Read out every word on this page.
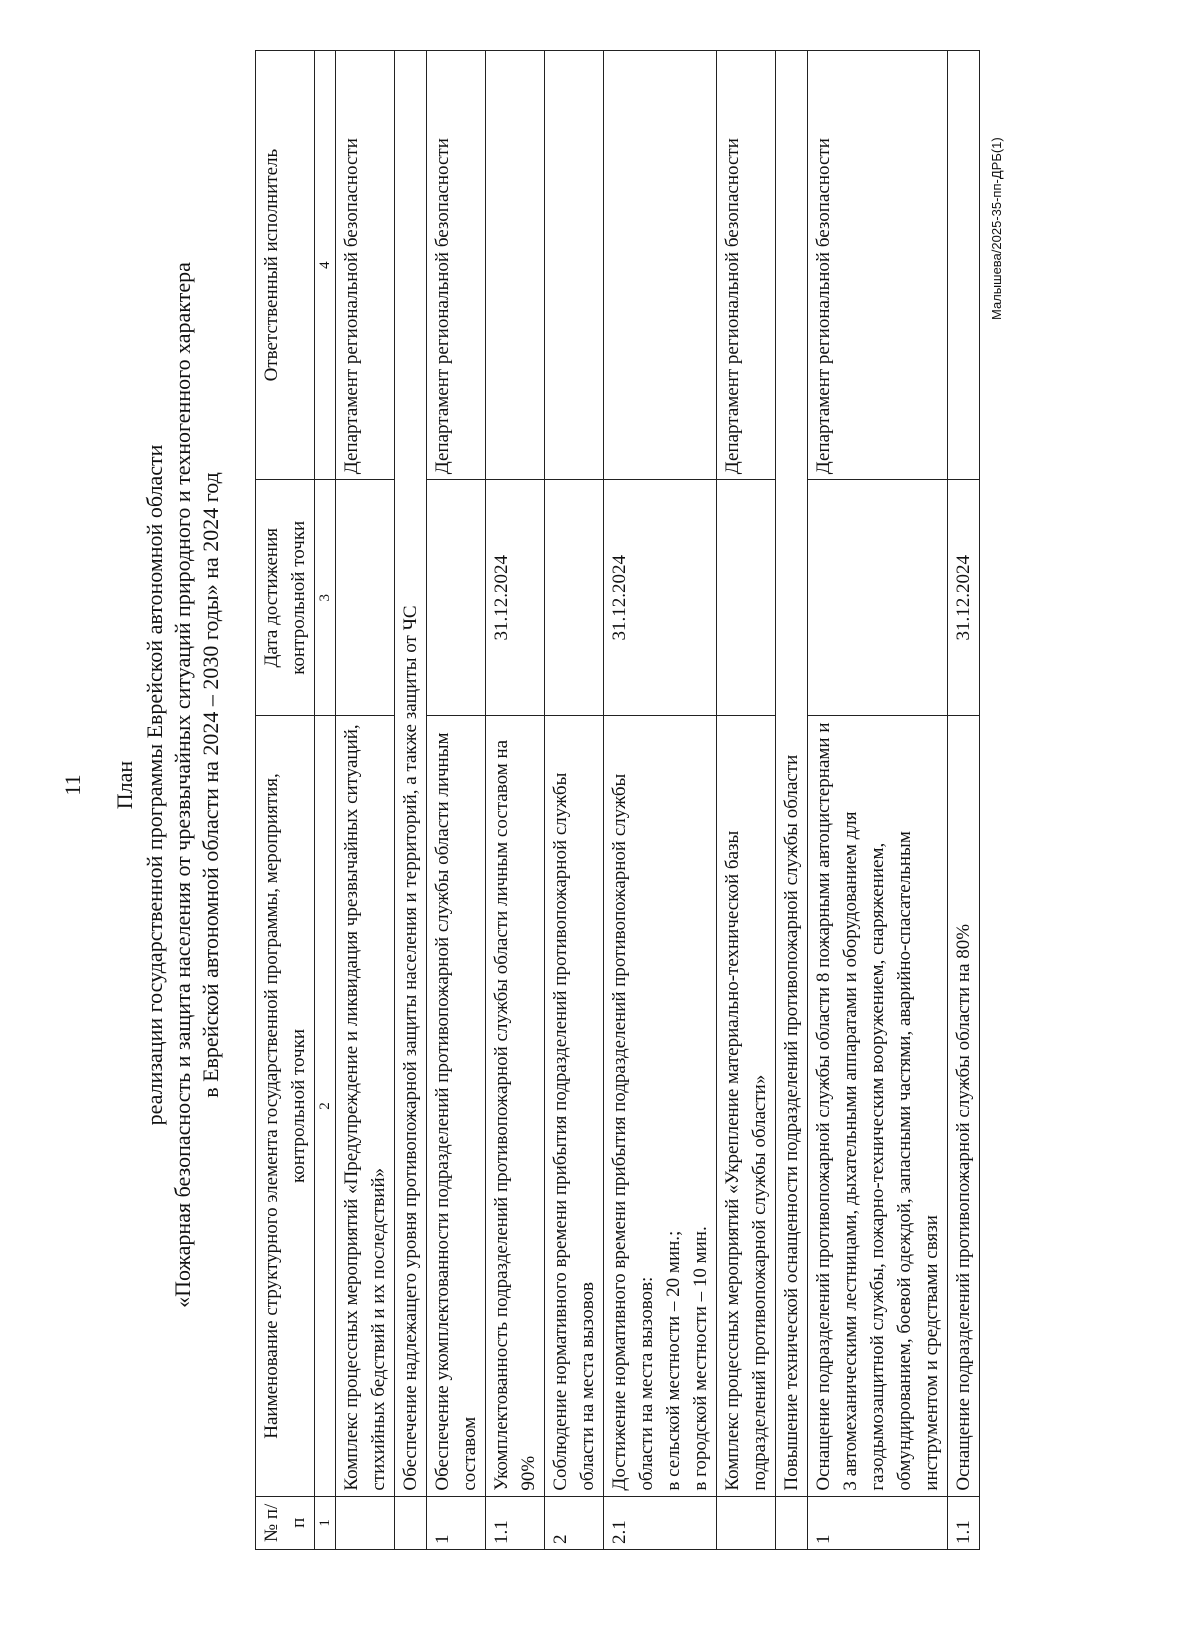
11 План реализации государственной программы Еврейской автономной области «Пожарная безопасность и защита населения от чрезвычайных ситуаций природного и техногенного характера в Еврейской автономной области на 2024 – 2030 годы» на 2024 год
№ п/п	Наименование структурного элемента государственной программы, мероприятия, контрольной точки	Дата достижения контрольной точки	Ответственный исполнитель
1	2	3	4
	Комплекс процессных мероприятий «Предупреждение и ликвидация чрезвычайных ситуаций, стихийных бедствий и их последствий»		Департамент региональной безопасности
	Обеспечение надлежащего уровня противопожарной защиты населения и территорий, а также защиты от ЧС		
1	Обеспечение укомплектованности подразделений противопожарной службы области личным составом		Департамент региональной безопасности
1.1	Укомплектованность подразделений противопожарной службы области личным составом на 90%	31.12.2024	
2	Соблюдение нормативного времени прибытия подразделений противопожарной службы области на места вызовов		
2.1	Достижение нормативного времени прибытия подразделений противопожарной службы области на места вызовов: в сельской местности – 20 мин.; в городской местности – 10 мин.	31.12.2024	
	Комплекс процессных мероприятий «Укрепление материально-технической базы подразделений противопожарной службы области»		Департамент региональной безопасности
	Повышение технической оснащенности подразделений противопожарной службы области		
1	Оснащение подразделений противопожарной службы области 8 пожарными автоцистернами и 3 автомеханическими лестницами, дыхательными аппаратами и оборудованием для газодымозащитной службы, пожарно-техническим вооружением, снаряжением, обмундированием, боевой одеждой, запасными частями, аварийно-спасательным инструментом и средствами связи		Департамент региональной безопасности
1.1	Оснащение подразделений противопожарной службы области на 80%	31.12.2024	
Малышева/2025-35-пп-ДРБ(1)
